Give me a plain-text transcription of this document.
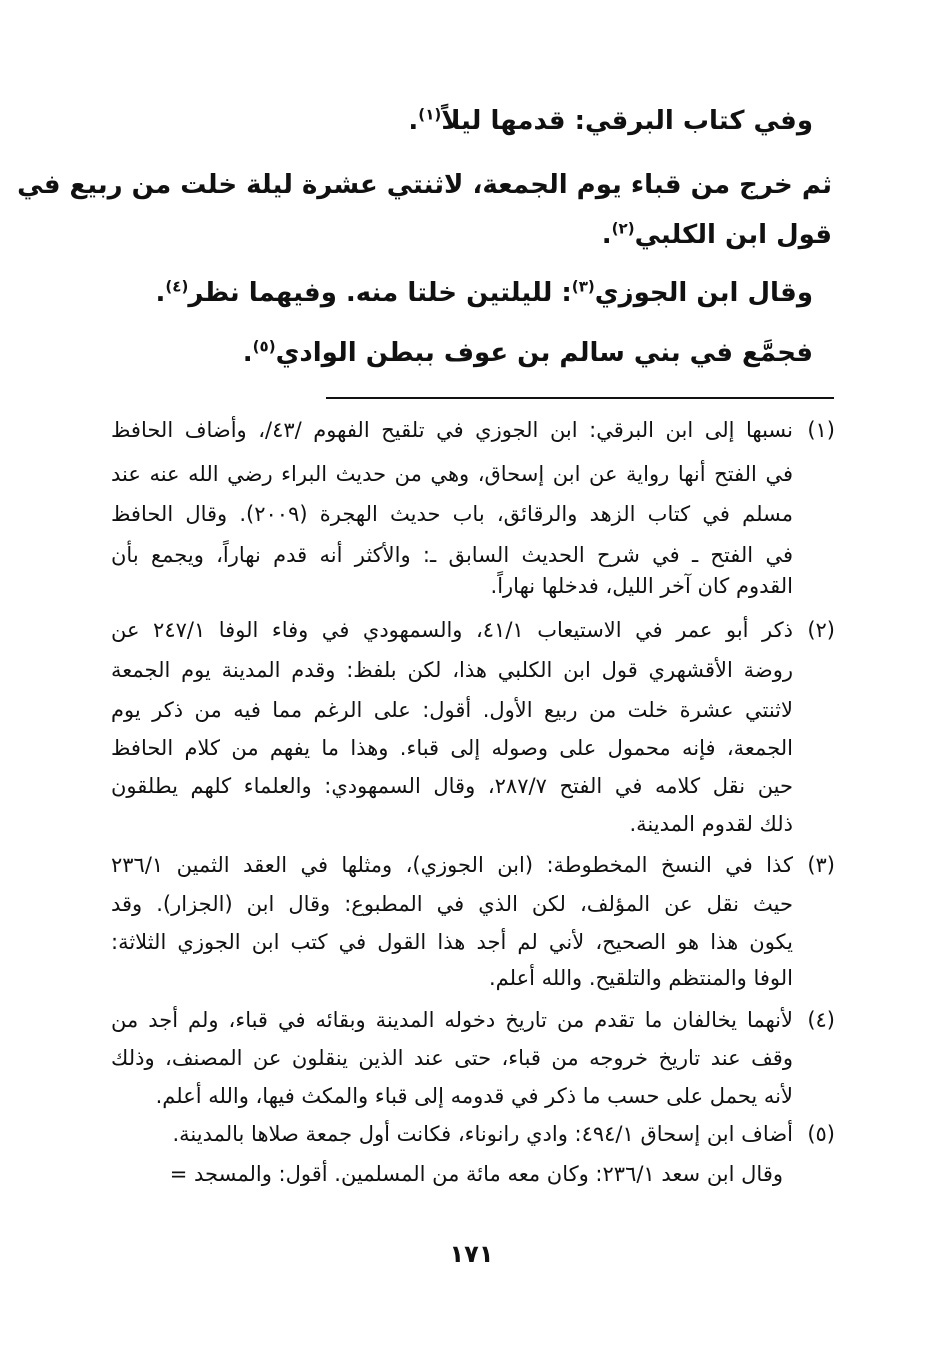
وفي كتاب البرقي: قدمها ليلاً$^{(١)}$.
ثم خرج من قباء يوم الجمعة، لاثنتي عشرة ليلة خلت من ربيع في
قول ابن الكلبي$^{(٢)}$.
وقال ابن الجوزي$^{(٣)}$: لليلتين خلتا منه. وفيهما نظر$^{(٤)}$.
فجمَّع في بني سالم بن عوف ببطن الوادي$^{(٥)}$.
(١)
نسبها إلى ابن البرقي: ابن الجوزي في تلقيح الفهوم /٤٣/، وأضاف الحافظ
في الفتح أنها رواية عن ابن إسحاق، وهي من حديث البراء رضي الله عنه عند
مسلم في كتاب الزهد والرقائق، باب حديث الهجرة (٢٠٠٩). وقال الحافظ
في الفتح ـ في شرح الحديث السابق ـ: والأكثر أنه قدم نهاراً، ويجمع بأن
القدوم كان آخر الليل، فدخلها نهاراً.
(٢)
ذكر أبو عمر في الاستيعاب ٤١/١، والسمهودي في وفاء الوفا ٢٤٧/١ عن
روضة الأقشهري قول ابن الكلبي هذا، لكن بلفظ: وقدم المدينة يوم الجمعة
لاثنتي عشرة خلت من ربيع الأول. أقول: على الرغم مما فيه من ذكر يوم
الجمعة، فإنه محمول على وصوله إلى قباء. وهذا ما يفهم من كلام الحافظ
حين نقل كلامه في الفتح ٢٨٧/٧، وقال السمهودي: والعلماء كلهم يطلقون
ذلك لقدوم المدينة.
(٣)
كذا في النسخ المخطوطة: (ابن الجوزي)، ومثلها في العقد الثمين ٢٣٦/١
حيث نقل عن المؤلف، لكن الذي في المطبوع: وقال ابن (الجزار). وقد
يكون هذا هو الصحيح، لأني لم أجد هذا القول في كتب ابن الجوزي الثلاثة:
الوفا والمنتظم والتلقيح. والله أعلم.
(٤)
لأنهما يخالفان ما تقدم من تاريخ دخوله المدينة وبقائه في قباء، ولم أجد من
وقف عند تاريخ خروجه من قباء، حتى عند الذين ينقلون عن المصنف، وذلك
لأنه يحمل على حسب ما ذكر في قدومه إلى قباء والمكث فيها، والله أعلم.
(٥)
أضاف ابن إسحاق ٤٩٤/١: وادي رانوناء، فكانت أول جمعة صلاها بالمدينة.
وقال ابن سعد ٢٣٦/١: وكان معه مائة من المسلمين. أقول: والمسجد =
١٧١
